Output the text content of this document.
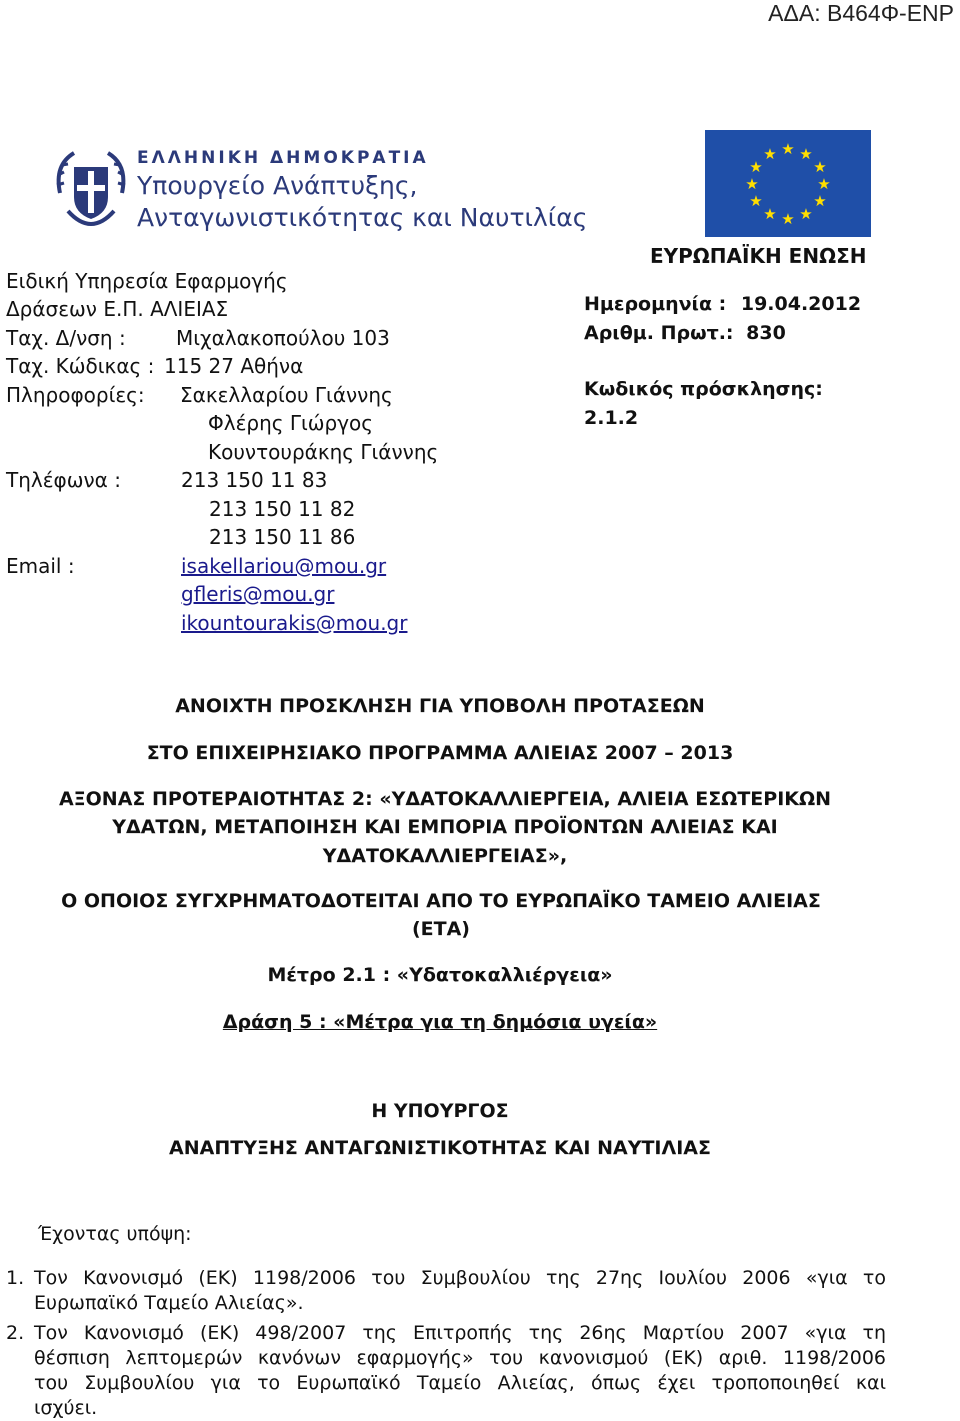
ΑΔΑ: Β464Φ-ΕΝΡ
ΕΛΛΗΝΙΚΗ ΔΗΜΟΚΡΑΤΙΑ
Υπουργείο Ανάπτυξης,
Ανταγωνιστικότητας και Ναυτιλίας
★ ★
★
★
★
★
★
★
★
★
★
★
ΕΥΡΩΠΑΪΚΗ ΕΝΩΣΗ
Ειδική Υπηρεσία Εφαρμογής
Δράσεων Ε.Π. ΑΛΙΕΙΑΣ
Ταχ. Δ/νση :	Μιχαλακοπούλου 103
Ταχ. Κώδικας : 115 27 Αθήνα
Πληροφορίες: Σακελλαρίου Γιάννης
Φλέρης Γιώργος
Κουντουράκης Γιάννης
Τηλέφωνα :	213 150 11 83
213 150 11 82
213 150 11 86
Email :	isakellariou@mou.gr
gfleris@mou.gr
ikountourakis@mou.gr
Ημερομηνία : 19.04.2012
Αριθμ. Πρωτ.: 830
Κωδικός πρόσκλησης:
2.1.2
ΑΝΟΙΧΤΗ ΠΡΟΣΚΛΗΣΗ ΓΙΑ ΥΠΟΒΟΛΗ ΠΡΟΤΑΣΕΩΝ
ΣΤΟ ΕΠΙΧΕΙΡΗΣΙΑΚΟ ΠΡΟΓΡΑΜΜΑ ΑΛΙΕΙΑΣ 2007 – 2013
ΑΞΟΝΑΣ ΠΡΟΤΕΡΑΙΟΤΗΤΑΣ 2: «ΥΔΑΤΟΚΑΛΛΙΕΡΓΕΙΑ, ΑΛΙΕΙΑ ΕΣΩΤΕΡΙΚΩΝ
ΥΔΑΤΩΝ, ΜΕΤΑΠΟΙΗΣΗ ΚΑΙ ΕΜΠΟΡΙΑ ΠΡΟΪΟΝΤΩΝ ΑΛΙΕΙΑΣ ΚΑΙ
ΥΔΑΤΟΚΑΛΛΙΕΡΓΕΙΑΣ»,
Ο ΟΠΟΙΟΣ ΣΥΓΧΡΗΜΑΤΟΔΟΤΕΙΤΑΙ ΑΠΟ ΤΟ ΕΥΡΩΠΑΪΚΟ ΤΑΜΕΙΟ ΑΛΙΕΙΑΣ
(ΕΤΑ)
Μέτρο 2.1 : «Υδατοκαλλιέργεια»
Δράση 5 : «Μέτρα για τη δημόσια υγεία»
Η ΥΠΟΥΡΓΟΣ
ΑΝΑΠΤΥΞΗΣ ΑΝΤΑΓΩΝΙΣΤΙΚΟΤΗΤΑΣ ΚΑΙ ΝΑΥΤΙΛΙΑΣ
Έχοντας υπόψη:
1. Τον Κανονισμό (ΕΚ) 1198/2006 του Συμβουλίου της 27ης Ιουλίου 2006 «για το
Ευρωπαϊκό Ταμείο Αλιείας».
2. Τον Κανονισμό (ΕΚ) 498/2007 της Επιτροπής της 26ης Μαρτίου 2007 «για τη
θέσπιση λεπτομερών κανόνων εφαρμογής» του κανονισμού (ΕΚ) αριθ. 1198/2006
του Συμβουλίου για το Ευρωπαϊκό Ταμείο Αλιείας, όπως έχει τροποποιηθεί και
ισχύει.
